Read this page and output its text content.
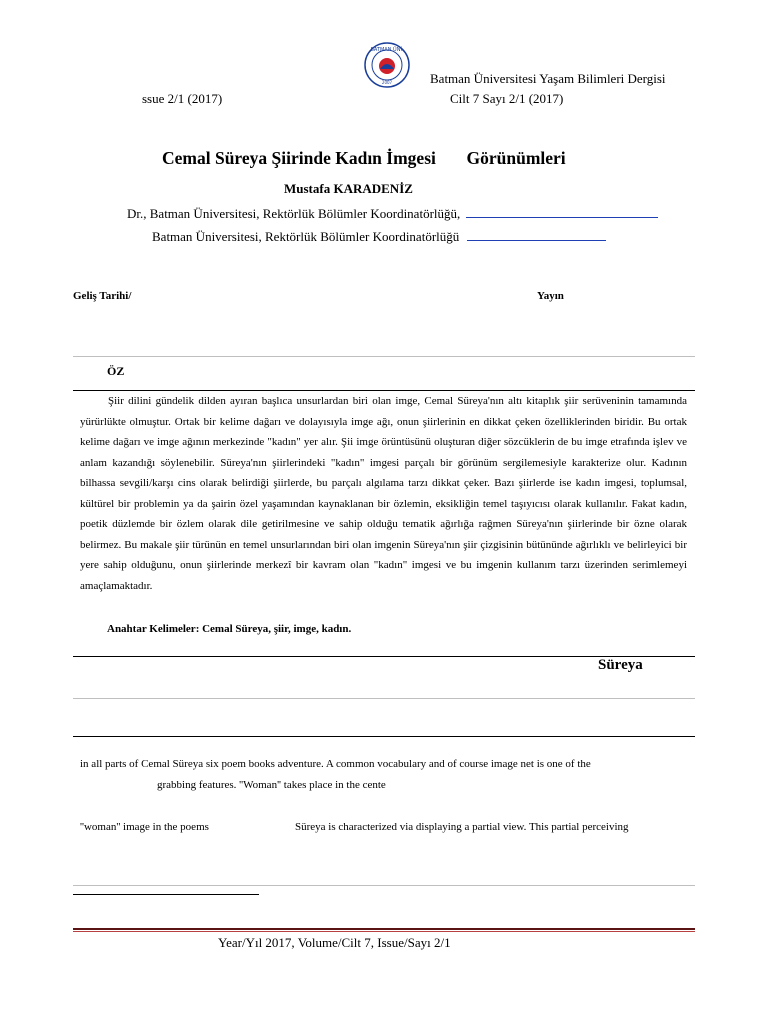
BATMAN ÜNİ.
2007	Batman Üniversitesi Yaşam Bilimleri Dergisi
ssue 2/1 (2017)	Cilt 7 Sayı 2/1 (2017)
Cemal Süreya Şiirinde Kadın İmgesi       Görünümleri
Mustafa KARADENİZ
Dr., Batman Üniversitesi, Rektörlük Bölümler Koordinatörlüğü,
Batman Üniversitesi, Rektörlük Bölümler Koordinatörlüğü
Geliş Tarihi/	Yayın
ÖZ

Şiir dilini gündelik dilden ayıran başlıca unsurlardan biri olan imge, Cemal Süreya'nın altı kitaplık şiir serüveninin tamamında yürürlükte olmuştur. Ortak bir kelime dağarı ve dolayısıyla imge ağı, onun şiirlerinin en dikkat çeken özelliklerinden biridir. Bu ortak kelime dağarı ve imge ağının merkezinde "kadın" yer alır. Şii imge örüntüsünü oluşturan diğer sözcüklerin de bu imge etrafında işlev ve anlam kazandığı söylenebilir. Süreya'nın şiirlerindeki "kadın" imgesi parçalı bir görünüm sergilemesiyle karakterize olur. Kadının bilhassa sevgili/karşı cins olarak belirdiği şiirlerde, bu parçalı algılama tarzı dikkat çeker. Bazı şiirlerde ise kadın imgesi, toplumsal, kültürel bir problemin ya da şairin özel yaşamından kaynaklanan bir özlemin, eksikliğin temel taşıyıcısı olarak kullanılır. Fakat kadın, poetik düzlemde bir özlem olarak dile getirilmesine ve sahip olduğu tematik ağırlığa rağmen Süreya'nın şiirlerinde bir özne olarak belirmez. Bu makale şiir türünün en temel unsurlarından biri olan imgenin Süreya'nın şiir çizgisinin bütününde ağırlıklı ve belirleyici bir yere sahip olduğunu, onun şiirlerinde merkezî bir kavram olan "kadın" imgesi ve bu imgenin kullanım tarzı üzerinden serimlemeyi amaçlamaktadır.

Anahtar Kelimeler: Cemal Süreya, şiir, imge, kadın.
Süreya
in all parts of Cemal Süreya six poem books adventure. A common vocabulary and of course image net is one of the
grabbing features. ''Woman'' takes place in the cente
''woman'' image in the poems	Süreya is characterized via displaying a partial view. This partial perceiving
Year/Yıl 2017, Volume/Cilt 7, Issue/Sayı 2/1
